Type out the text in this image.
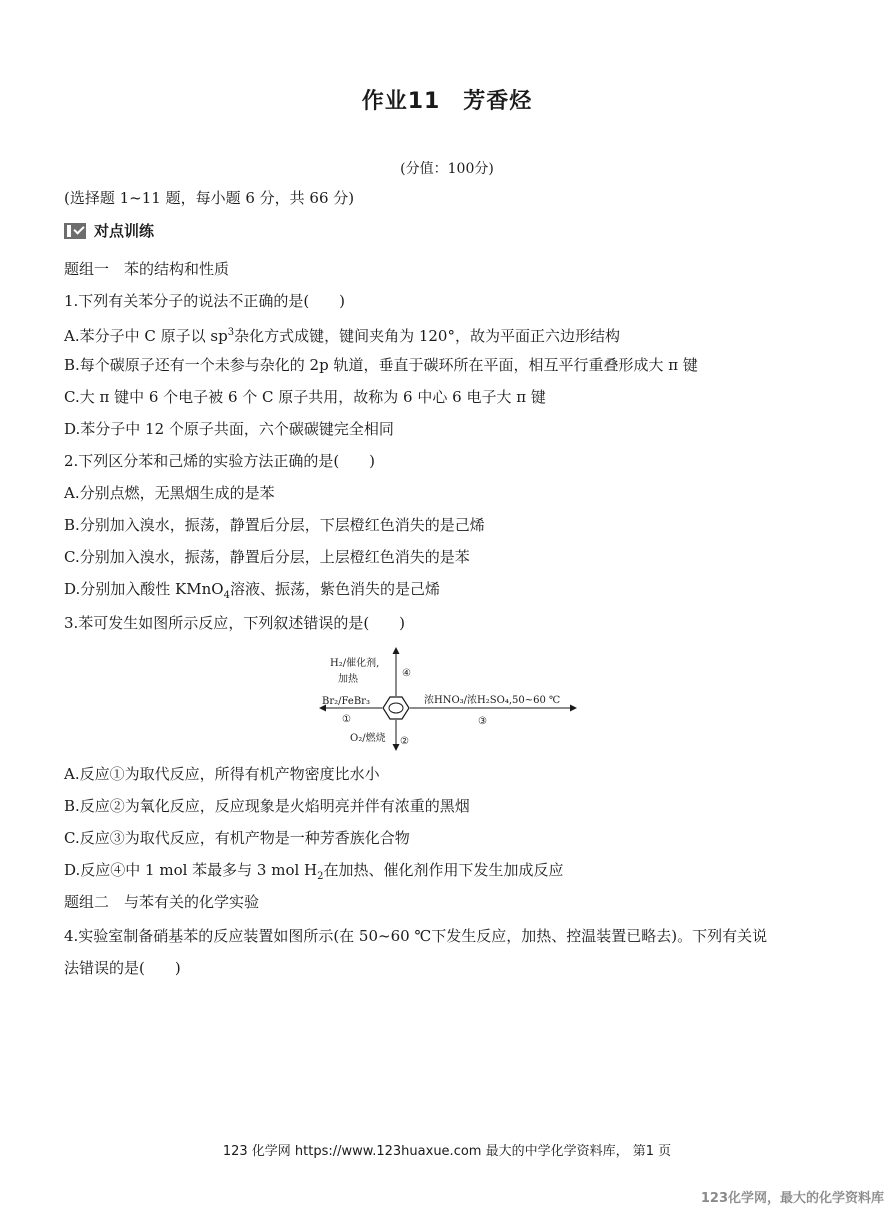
作业11　芳香烃
(分值：100分)
(选择题 1~11 题，每小题 6 分，共 66 分)
对点训练
题组一　苯的结构和性质
1.下列有关苯分子的说法不正确的是(　　)
A.苯分子中 C 原子以 $sp^3$杂化方式成键，键间夹角为 120°，故为平面正六边形结构
B.每个碳原子还有一个未参与杂化的 2p 轨道，垂直于碳环所在平面，相互平行重叠形成大 π 键
C.大 π 键中 6 个电子被 6 个 C 原子共用，故称为 6 中心 6 电子大 π 键
D.苯分子中 12 个原子共面，六个碳碳键完全相同
2.下列区分苯和己烯的实验方法正确的是(　　)
A.分别点燃，无黑烟生成的是苯
B.分别加入溴水，振荡，静置后分层，下层橙红色消失的是己烯
C.分别加入溴水，振荡，静置后分层，上层橙红色消失的是苯
D.分别加入酸性 KMnO$_4$溶液、振荡，紫色消失的是己烯
3.苯可发生如图所示反应，下列叙述错误的是(　　)
H₂/催化剂,
加热
④
Br₂/FeBr₃
①
浓HNO₃/浓H₂SO₄,50~60 ℃
③
O₂/燃烧 ②
A.反应①为取代反应，所得有机产物密度比水小
B.反应②为氧化反应，反应现象是火焰明亮并伴有浓重的黑烟
C.反应③为取代反应，有机产物是一种芳香族化合物
D.反应④中 1 mol 苯最多与 3 mol $H_2$在加热、催化剂作用下发生加成反应
题组二　与苯有关的化学实验
4.实验室制备硝基苯的反应装置如图所示(在 50~60 ℃下发生反应，加热、控温装置已略去)。下列有关说
法错误的是(　　)
123 化学网 https://www.123huaxue.com 最大的中学化学资料库， 第1 页
123化学网，最大的化学资料库
